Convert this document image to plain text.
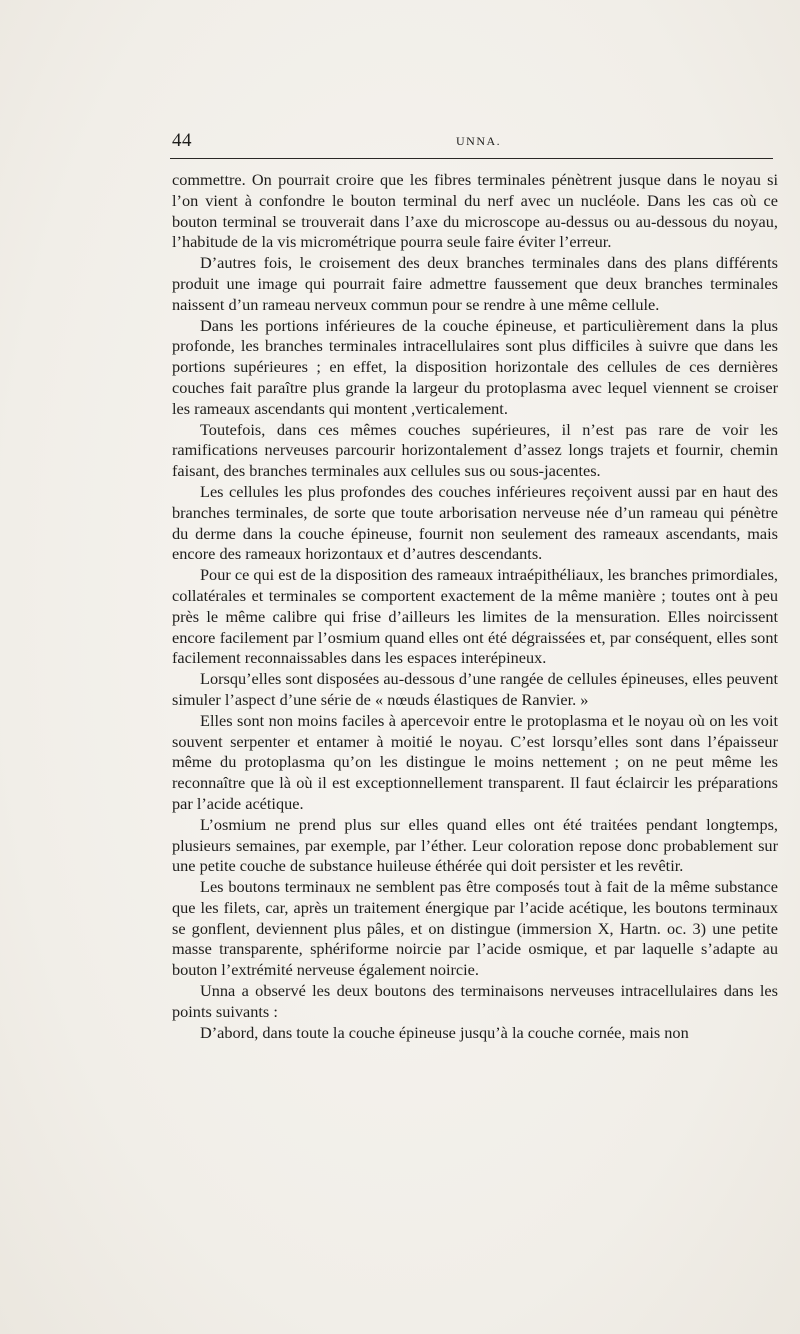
44	UNNA.

commettre. On pourrait croire que les fibres terminales pénètrent jusque dans le noyau si l’on vient à confondre le bouton terminal du nerf avec un nucléole. Dans les cas où ce bouton terminal se trouverait dans l’axe du microscope au-dessus ou au-dessous du noyau, l’habitude de la vis micrométrique pourra seule faire éviter l’erreur.

D’autres fois, le croisement des deux branches terminales dans des plans différents produit une image qui pourrait faire admettre faussement que deux branches terminales naissent d’un rameau nerveux commun pour se rendre à une même cellule.

Dans les portions inférieures de la couche épineuse, et particulièrement dans la plus profonde, les branches terminales intracellulaires sont plus difficiles à suivre que dans les portions supérieures ; en effet, la disposition horizontale des cellules de ces dernières couches fait paraître plus grande la largeur du protoplasma avec lequel viennent se croiser les rameaux ascendants qui montent ,verticalement.

Toutefois, dans ces mêmes couches supérieures, il n’est pas rare de voir les ramifications nerveuses parcourir horizontalement d’assez longs trajets et fournir, chemin faisant, des branches terminales aux cellules sus ou sous-jacentes.

Les cellules les plus profondes des couches inférieures reçoivent aussi par en haut des branches terminales, de sorte que toute arborisation nerveuse née d’un rameau qui pénètre du derme dans la couche épineuse, fournit non seulement des rameaux ascendants, mais encore des rameaux horizontaux et d’autres descendants.

Pour ce qui est de la disposition des rameaux intraépithéliaux, les branches primordiales, collatérales et terminales se comportent exactement de la même manière ; toutes ont à peu près le même calibre qui frise d’ailleurs les limites de la mensuration. Elles noircissent encore facilement par l’osmium quand elles ont été dégraissées et, par conséquent, elles sont facilement reconnaissables dans les espaces interépineux.

Lorsqu’elles sont disposées au-dessous d’une rangée de cellules épineuses, elles peuvent simuler l’aspect d’une série de « nœuds élastiques de Ranvier. »

Elles sont non moins faciles à apercevoir entre le protoplasma et le noyau où on les voit souvent serpenter et entamer à moitié le noyau. C’est lorsqu’elles sont dans l’épaisseur même du protoplasma qu’on les distingue le moins nettement ; on ne peut même les reconnaître que là où il est exceptionnellement transparent. Il faut éclaircir les préparations par l’acide acétique.

L’osmium ne prend plus sur elles quand elles ont été traitées pendant longtemps, plusieurs semaines, par exemple, par l’éther. Leur coloration repose donc probablement sur une petite couche de substance huileuse éthérée qui doit persister et les revêtir.

Les boutons terminaux ne semblent pas être composés tout à fait de la même substance que les filets, car, après un traitement énergique par l’acide acétique, les boutons terminaux se gonflent, deviennent plus pâles, et on distingue (immersion X, Hartn. oc. 3) une petite masse transparente, sphériforme noircie par l’acide osmique, et par laquelle s’adapte au bouton l’extrémité nerveuse également noircie.

Unna a observé les deux boutons des terminaisons nerveuses intracellulaires dans les points suivants :

D’abord, dans toute la couche épineuse jusqu’à la couche cornée, mais non
